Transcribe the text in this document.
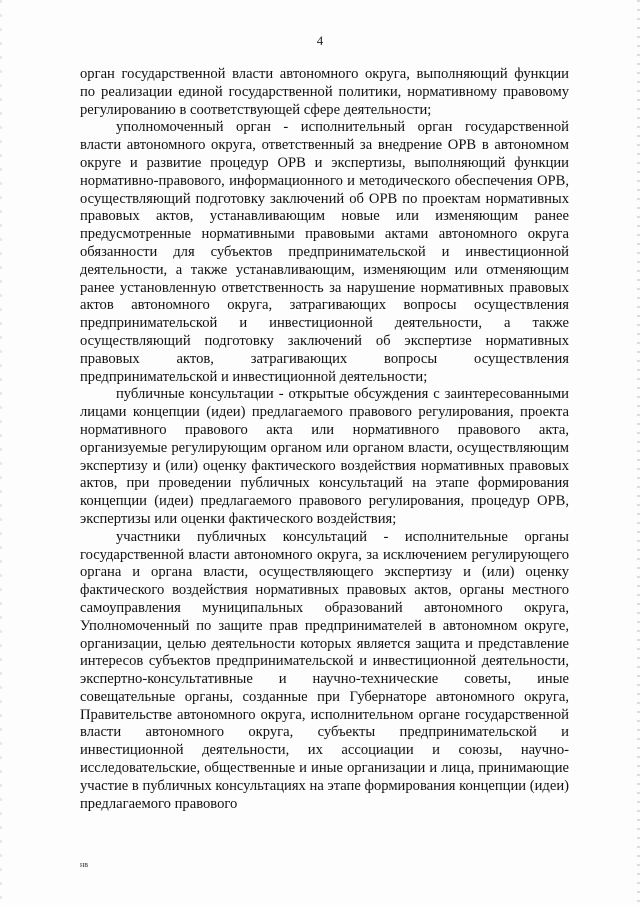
4

орган государственной власти автономного округа, выполняющий функции по реализации единой государственной политики, нормативному правовому регулированию в соответствующей сфере деятельности;

уполномоченный орган - исполнительный орган государственной власти автономного округа, ответственный за внедрение ОРВ в автономном округе и развитие процедур ОРВ и экспертизы, выполняющий функции нормативно-правового, информационного и методического обеспечения ОРВ, осуществляющий подготовку заключений об ОРВ по проектам нормативных правовых актов, устанавливающим новые или изменяющим ранее предусмотренные нормативными правовыми актами автономного округа обязанности для субъектов предпринимательской и инвестиционной деятельности, а также устанавливающим, изменяющим или отменяющим ранее установленную ответственность за нарушение нормативных правовых актов автономного округа, затрагивающих вопросы осуществления предпринимательской и инвестиционной деятельности, а также осуществляющий подготовку заключений об экспертизе нормативных правовых актов, затрагивающих вопросы осуществления предпринимательской и инвестиционной деятельности;

публичные консультации - открытые обсуждения с заинтересованными лицами концепции (идеи) предлагаемого правового регулирования, проекта нормативного правового акта или нормативного правового акта, организуемые регулирующим органом или органом власти, осуществляющим экспертизу и (или) оценку фактического воздействия нормативных правовых актов, при проведении публичных консультаций на этапе формирования концепции (идеи) предлагаемого правового регулирования, процедур ОРВ, экспертизы или оценки фактического воздействия;

участники публичных консультаций - исполнительные органы государственной власти автономного округа, за исключением регулирующего органа и органа власти, осуществляющего экспертизу и (или) оценку фактического воздействия нормативных правовых актов, органы местного самоуправления муниципальных образований автономного округа, Уполномоченный по защите прав предпринимателей в автономном округе, организации, целью деятельности которых является защита и представление интересов субъектов предпринимательской и инвестиционной деятельности, экспертно-консультативные и научно-технические советы, иные совещательные органы, созданные при Губернаторе автономного округа, Правительстве автономного округа, исполнительном органе государственной власти автономного округа, субъекты предпринимательской и инвестиционной деятельности, их ассоциации и союзы, научно-исследовательские, общественные и иные организации и лица, принимающие участие в публичных консультациях на этапе формирования концепции (идеи) предлагаемого правового

нв
